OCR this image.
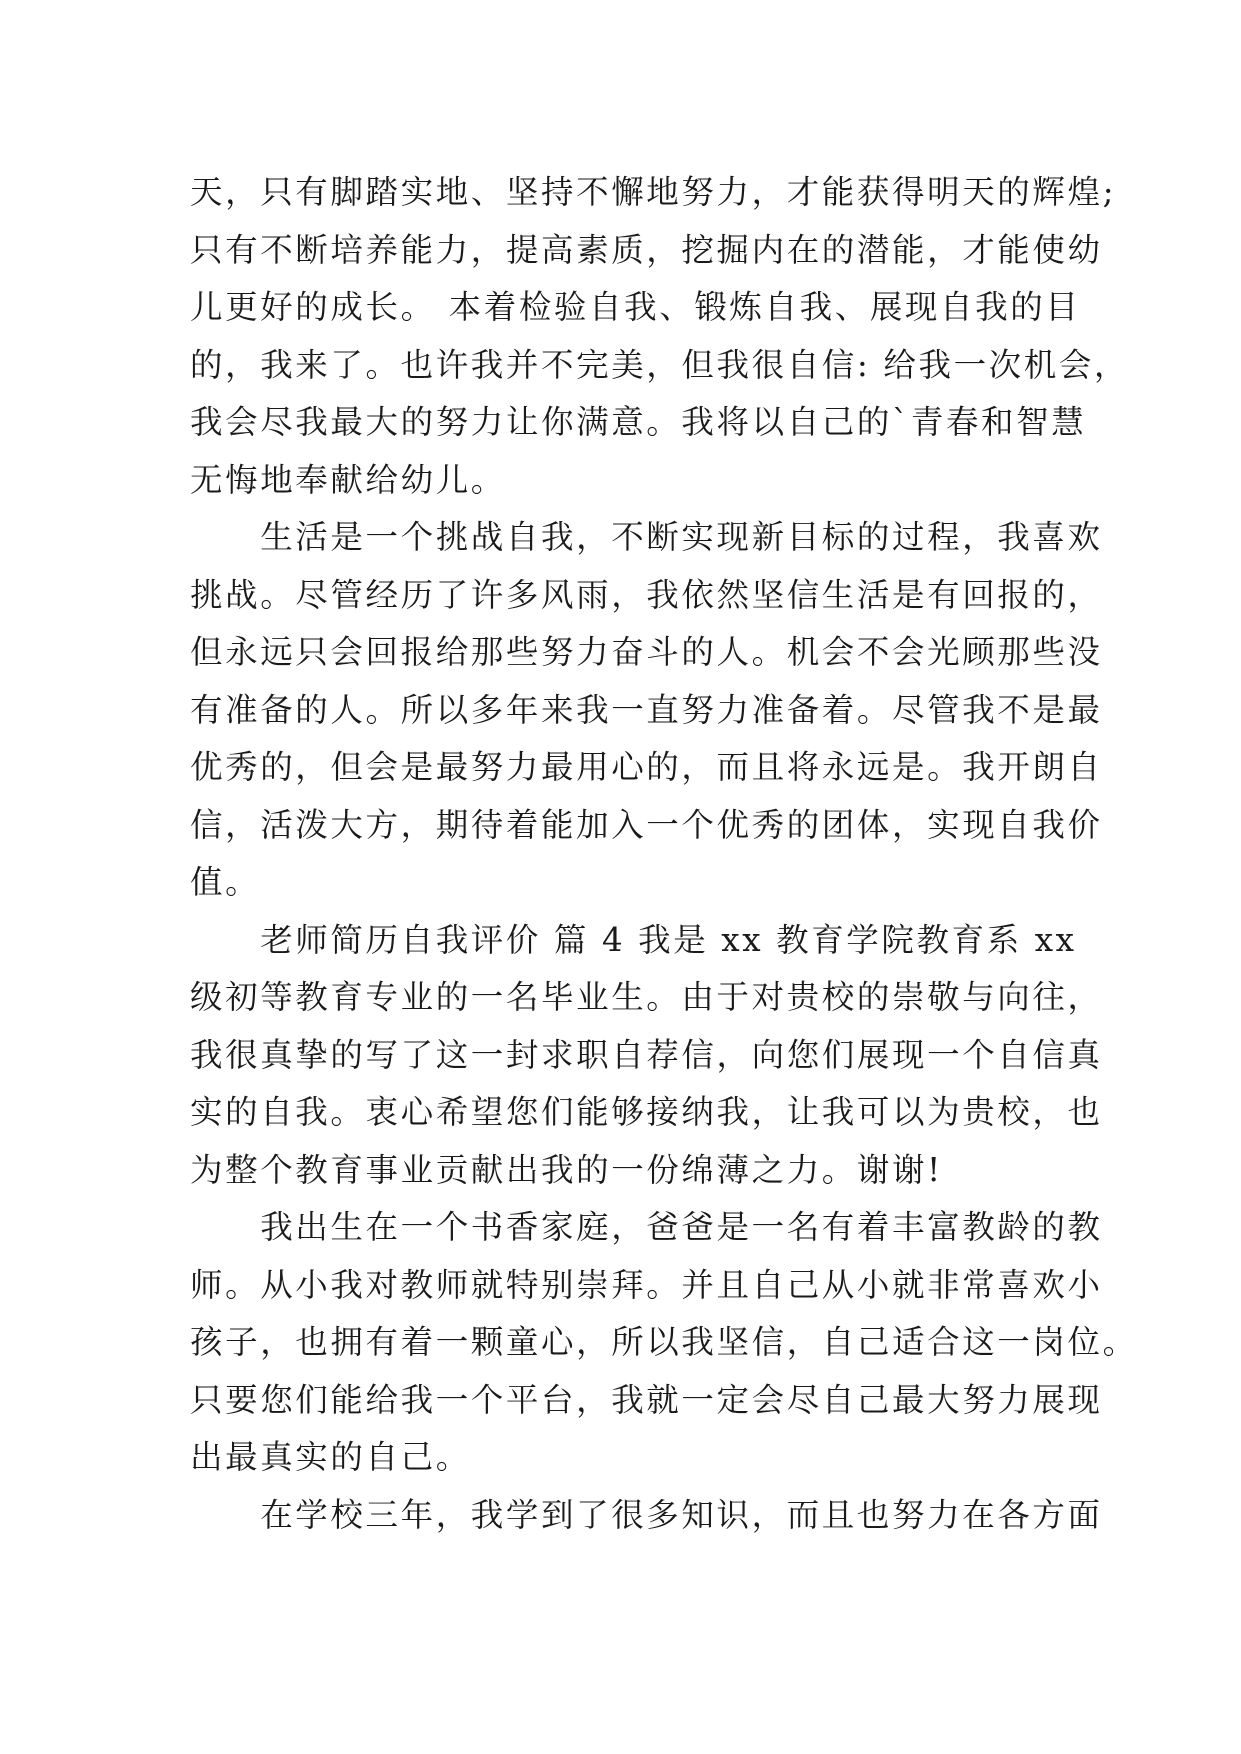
天，只有脚踏实地、坚持不懈地努力，才能获得明天的辉煌;
只有不断培养能力，提高素质，挖掘内在的潜能，才能使幼
儿更好的成长。 本着检验自我、锻炼自我、展现自我的目
的，我来了。也许我并不完美，但我很自信: 给我一次机会，
我会尽我最大的努力让你满意。我将以自己的`青春和智慧
无悔地奉献给幼儿。
　　生活是一个挑战自我，不断实现新目标的过程，我喜欢
挑战。尽管经历了许多风雨，我依然坚信生活是有回报的，
但永远只会回报给那些努力奋斗的人。机会不会光顾那些没
有准备的人。所以多年来我一直努力准备着。尽管我不是最
优秀的，但会是最努力最用心的，而且将永远是。我开朗自
信，活泼大方，期待着能加入一个优秀的团体，实现自我价
值。
　　老师简历自我评价 篇 4 我是 xx 教育学院教育系 xx
级初等教育专业的一名毕业生。由于对贵校的崇敬与向往，
我很真挚的写了这一封求职自荐信，向您们展现一个自信真
实的自我。衷心希望您们能够接纳我，让我可以为贵校，也
为整个教育事业贡献出我的一份绵薄之力。谢谢!
　　我出生在一个书香家庭，爸爸是一名有着丰富教龄的教
师。从小我对教师就特别崇拜。并且自己从小就非常喜欢小
孩子，也拥有着一颗童心，所以我坚信，自己适合这一岗位。
只要您们能给我一个平台，我就一定会尽自己最大努力展现
出最真实的自己。
　　在学校三年，我学到了很多知识，而且也努力在各方面
